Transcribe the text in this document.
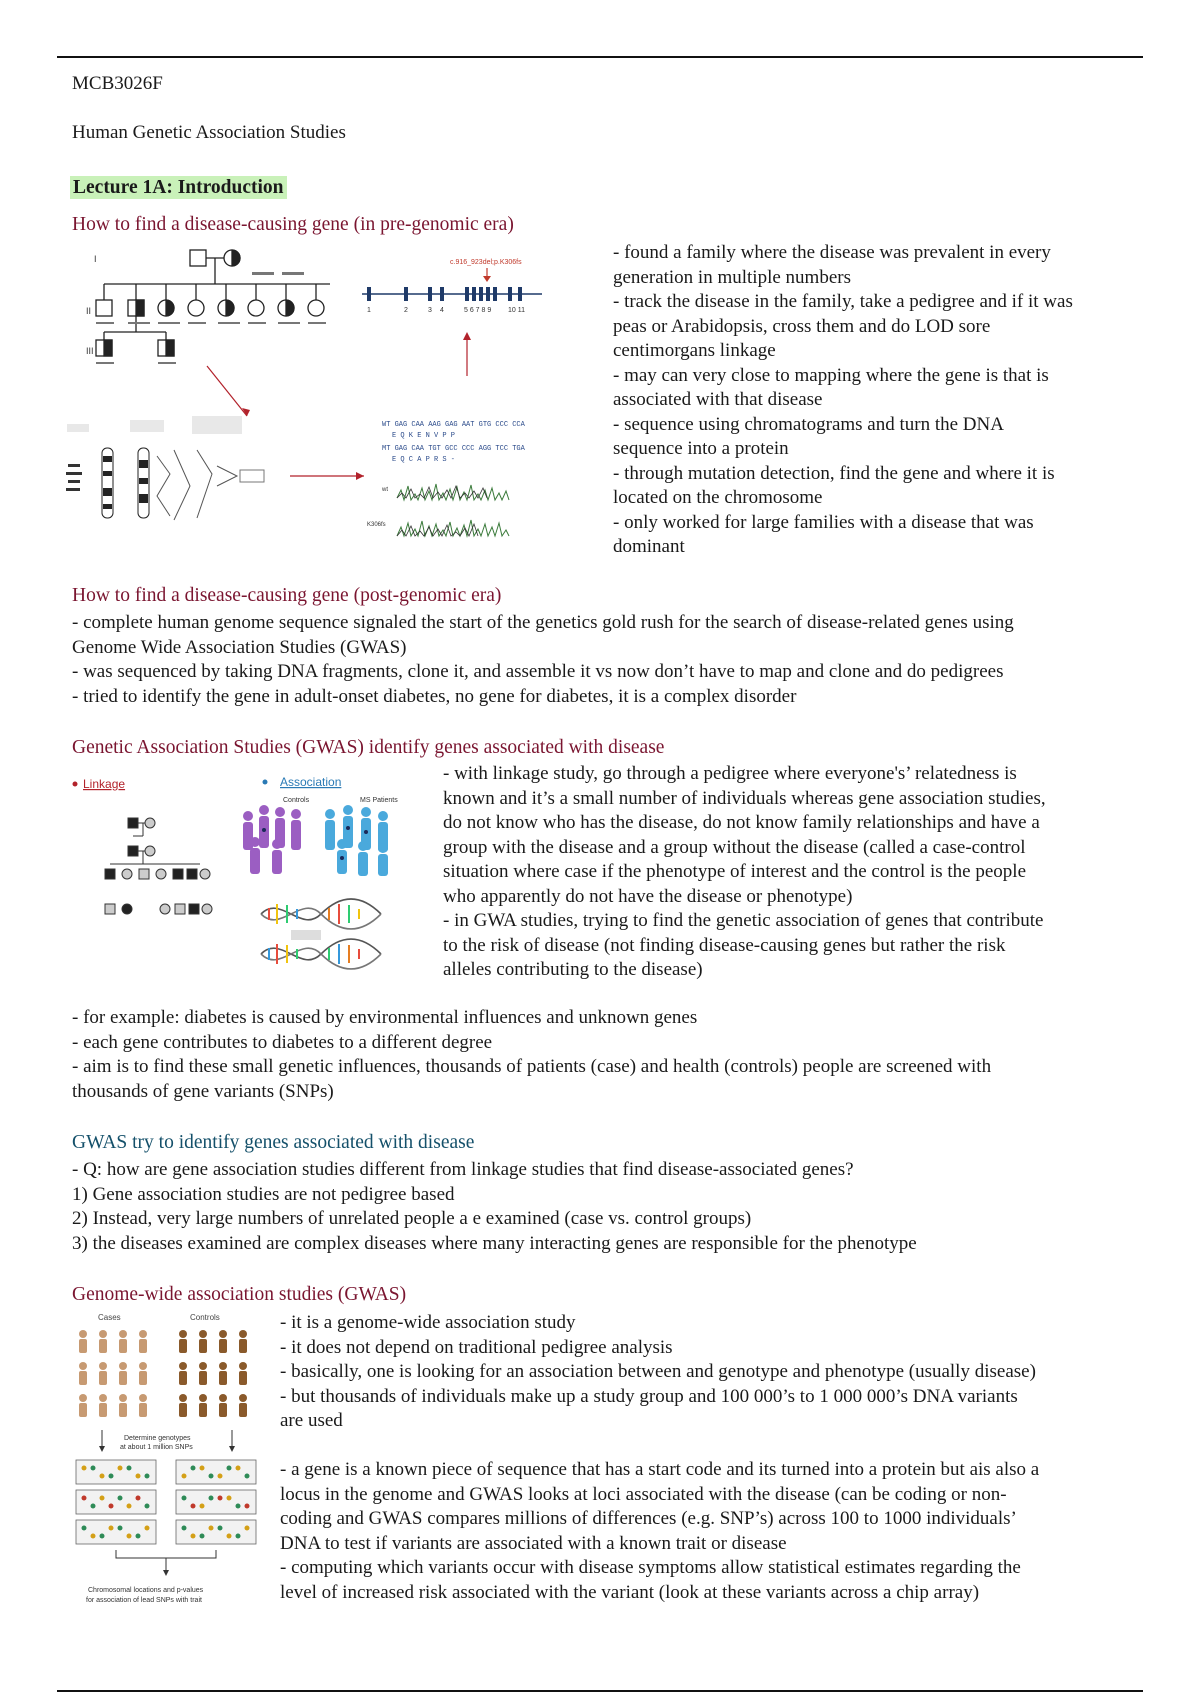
MCB3026F
Human Genetic Association Studies
Lecture 1A: Introduction
How to find a disease-causing gene (in pre-genomic era)
I
II
III
c.916_923del;p.K306fs
1	2	3 4	5 6 7 8 9 10 11
WT GAG CAA AAG GAG AAT GTG CCC CCA
E Q K E N V P P
MT GAG CAA TGT GCC CCC AGG TCC TGA
E Q C A P R S -
wt
K306fs
- found a family where the disease was prevalent in every
generation in multiple numbers
- track the disease in the family, take a pedigree and if it was
peas or Arabidopsis, cross them and do LOD sore
centimorgans linkage
- may can very close to mapping where the gene is that is
associated with that disease
- sequence using chromatograms and turn the DNA
sequence into a protein
- through mutation detection, find the gene and where it is
located on the chromosome
- only worked for large families with a disease that was
dominant
How to find a disease-causing gene (post-genomic era)
- complete human genome sequence signaled the start of the genetics gold rush for the search of disease-related genes using
Genome Wide Association Studies (GWAS)
- was sequenced by taking DNA fragments, clone it, and assemble it vs now don’t have to map and clone and do pedigrees
- tried to identify the gene in adult-onset diabetes, no gene for diabetes, it is a complex disorder
Genetic Association Studies (GWAS) identify genes associated with disease
Linkage	Association
Controls	MS Patients
- with linkage study, go through a pedigree where everyone's’ relatedness is
known and it’s a small number of individuals whereas gene association studies,
do not know who has the disease, do not know family relationships and have a
group with the disease and a group without the disease (called a case-control
situation where case if the phenotype of interest and the control is the people
who apparently do not have the disease or phenotype)
- in GWA studies, trying to find the genetic association of genes that contribute
to the risk of disease (not finding disease-causing genes but rather the risk
alleles contributing to the disease)
- for example: diabetes is caused by environmental influences and unknown genes
- each gene contributes to diabetes to a different degree
- aim is to find these small genetic influences, thousands of patients (case) and health (controls) people are screened with
thousands of gene variants (SNPs)
GWAS try to identify genes associated with disease
- Q: how are gene association studies different from linkage studies that find disease-associated genes?
1) Gene association studies are not pedigree based
2) Instead, very large numbers of unrelated people a e examined (case vs. control groups)
3) the diseases examined are complex diseases where many interacting genes are responsible for the phenotype
Genome-wide association studies (GWAS)
Cases	Controls
Determine genotypes
at about 1 million SNPs
Chromosomal locations and p-values
for association of lead SNPs with trait
- it is a genome-wide association study
- it does not depend on traditional pedigree analysis
- basically, one is looking for an association between and genotype and phenotype (usually disease)
- but thousands of individuals make up a study group and 100 000’s to 1 000 000’s DNA variants
are used
- a gene is a known piece of sequence that has a start code and its turned into a protein but ais also a
locus in the genome and GWAS looks at loci associated with the disease (can be coding or non-
coding and GWAS compares millions of differences (e.g. SNP’s) across 100 to 1000 individuals’
DNA to test if variants are associated with a known trait or disease
- computing which variants occur with disease symptoms allow statistical estimates regarding the
level of increased risk associated with the variant (look at these variants across a chip array)
